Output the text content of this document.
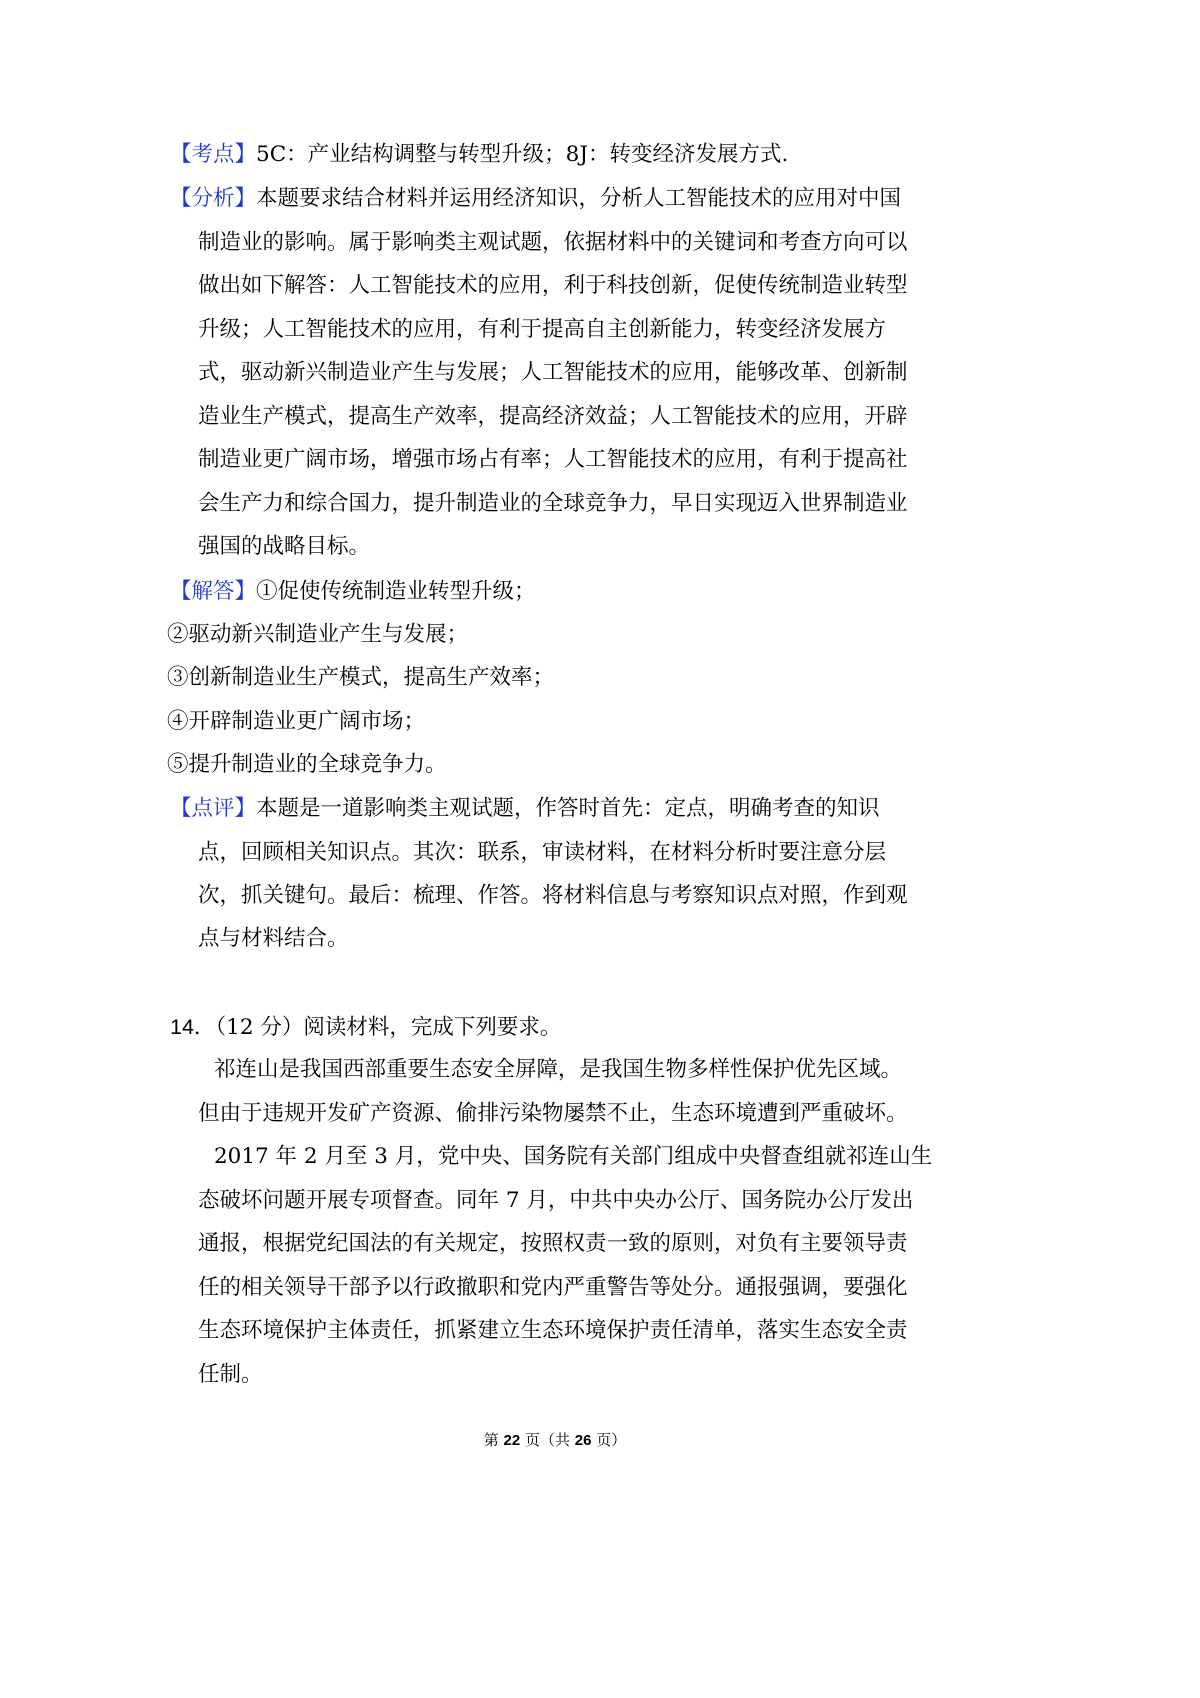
【考点】5C：产业结构调整与转型升级；8J：转变经济发展方式.
【分析】本题要求结合材料并运用经济知识，分析人工智能技术的应用对中国
制造业的影响。属于影响类主观试题，依据材料中的关键词和考查方向可以
做出如下解答：人工智能技术的应用，利于科技创新，促使传统制造业转型
升级；人工智能技术的应用，有利于提高自主创新能力，转变经济发展方
式，驱动新兴制造业产生与发展；人工智能技术的应用，能够改革、创新制
造业生产模式，提高生产效率，提高经济效益；人工智能技术的应用，开辟
制造业更广阔市场，增强市场占有率；人工智能技术的应用，有利于提高社
会生产力和综合国力，提升制造业的全球竞争力，早日实现迈入世界制造业
强国的战略目标。
【解答】①促使传统制造业转型升级；
②驱动新兴制造业产生与发展；
③创新制造业生产模式，提高生产效率；
④开辟制造业更广阔市场；
⑤提升制造业的全球竞争力。
【点评】本题是一道影响类主观试题，作答时首先：定点，明确考查的知识
点，回顾相关知识点。其次：联系，审读材料，在材料分析时要注意分层
次，抓关键句。最后：梳理、作答。将材料信息与考察知识点对照，作到观
点与材料结合。
14．（12 分）阅读材料，完成下列要求。
祁连山是我国西部重要生态安全屏障，是我国生物多样性保护优先区域。
但由于违规开发矿产资源、偷排污染物屡禁不止，生态环境遭到严重破坏。
2017 年 2 月至 3 月，党中央、国务院有关部门组成中央督查组就祁连山生
态破坏问题开展专项督查。同年 7 月，中共中央办公厅、国务院办公厅发出
通报，根据党纪国法的有关规定，按照权责一致的原则，对负有主要领导责
任的相关领导干部予以行政撤职和党内严重警告等处分。通报强调，要强化
生态环境保护主体责任，抓紧建立生态环境保护责任清单，落实生态安全责
任制。
第 22 页（共 26 页）
